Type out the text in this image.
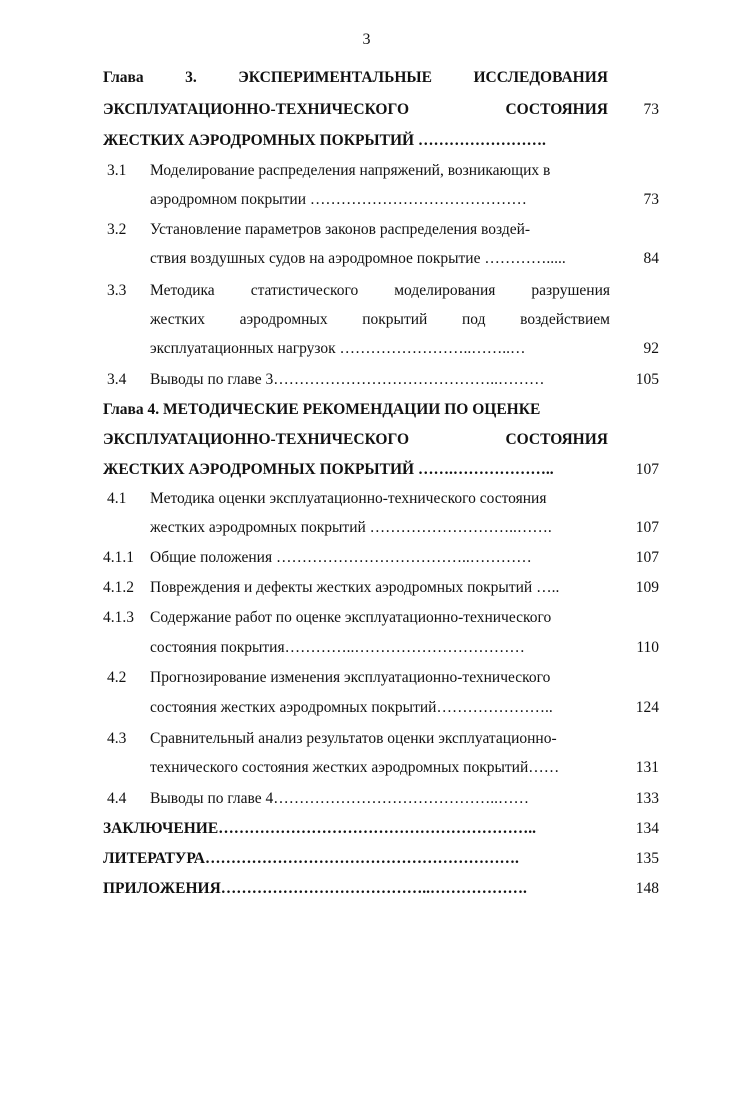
3
Глава	3.	ЭКСПЕРИМЕНТАЛЬНЫЕ	ИССЛЕДОВАНИЯ
ЭКСПЛУАТАЦИОННО-ТЕХНИЧЕСКОГО	СОСТОЯНИЯ	73
ЖЕСТКИХ АЭРОДРОМНЫХ ПОКРЫТИЙ …………………….
3.1	Моделирование распределения напряжений, возникающих в
аэродромном покрытии ……………………………………	73
3.2	Установление параметров законов распределения воздей-
ствия воздушных судов на аэродромное покрытие ………….....	84
3.3	Методика статистического моделирования разрушения
жестких аэродромных покрытий под воздействием
эксплуатационных нагрузок ……………………..……..…	92
3.4	Выводы по главе 3……………………………………..………	105
Глава 4. МЕТОДИЧЕСКИЕ РЕКОМЕНДАЦИИ ПО ОЦЕНКЕ
ЭКСПЛУАТАЦИОННО-ТЕХНИЧЕСКОГО	СОСТОЯНИЯ
ЖЕСТКИХ АЭРОДРОМНЫХ ПОКРЫТИЙ …….………………..	107
4.1	Методика оценки эксплуатационно-технического состояния
жестких аэродромных покрытий ………………………..…….	107
4.1.1	Общие положения ………………………………..…………	107
4.1.2	Повреждения и дефекты жестких аэродромных покрытий …..	109
4.1.3	Содержание работ по оценке эксплуатационно-технического
состояния покрытия…………..……………………………	110
4.2	Прогнозирование изменения эксплуатационно-технического
состояния жестких аэродромных покрытий…………………..	124
4.3	Сравнительный анализ результатов оценки эксплуатационно-
технического состояния жестких аэродромных покрытий……	131
4.4	Выводы по главе 4……………………………………..……	133
ЗАКЛЮЧЕНИЕ……………………………………………………..	134
ЛИТЕРАТУРА…………………………………………………….	135
ПРИЛОЖЕНИЯ…………………………………..……………….	148
